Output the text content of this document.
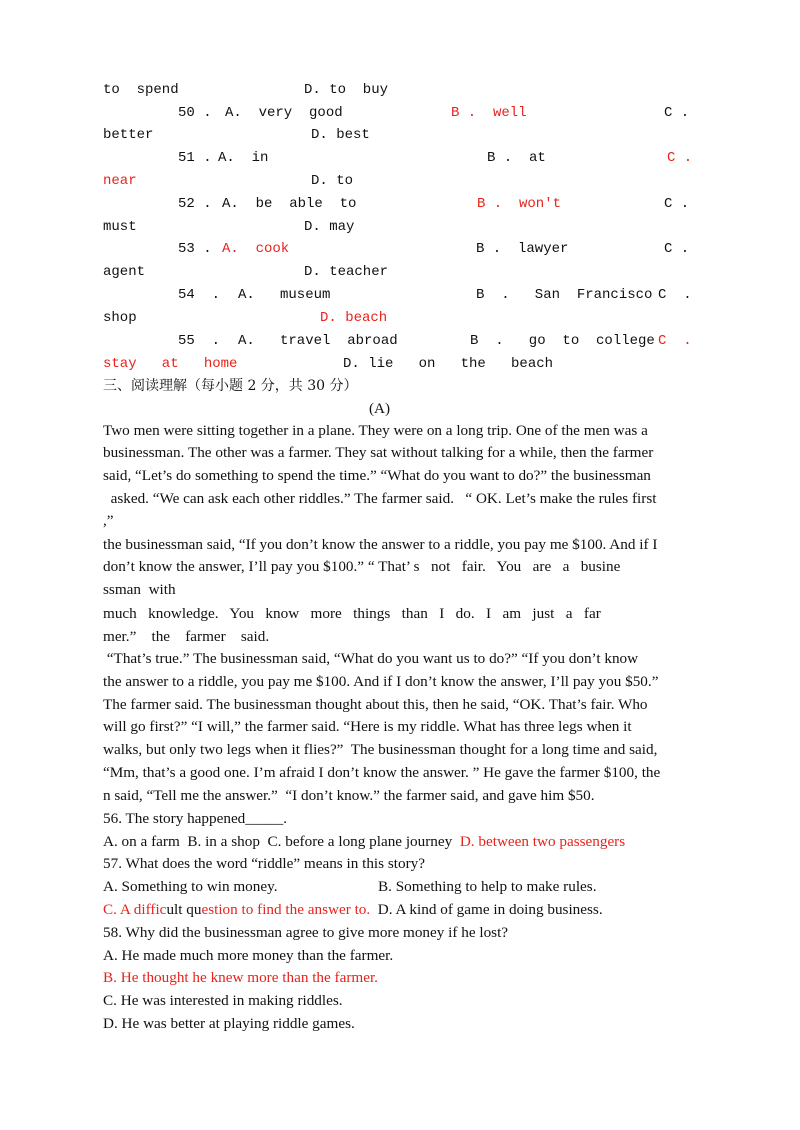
to  spend	D. to  buy
50 . A.  very  good	B .  well	C .
better	D. best
51 . A.  in	B .  at	C .
near	D. to
52 . A.  be  able  to	B .  won't	C .
must	D. may
53 . A.  cook	B .  lawyer	C .
agent	D. teacher
54  . A.   museum	B  .   San  Francisco C  .
shop	D. beach
55  . A.   travel  abroad	B  .   go  to  college C  .
stay   at   home	D. lie   on   the   beach
三、阅读理解（每小题 2 分，共 30 分）
(A)
Two men were sitting together in a plane. They were on a long trip. One of the men was a
businessman. The other was a farmer. They sat without talking for a while, then the farmer
said, “Let’s do something to spend the time.” “What do you want to do?” the businessman
asked. “We can ask each other riddles.” The farmer said.   “ OK. Let’s make the rules first
,”
the businessman said, “If you don’t know the answer to a riddle, you pay me $100. And if I
don’t know the answer, I’ll pay you $100.” “ That’ s   not   fair.   You   are   a   busine
ssman  with
much   knowledge.   You   know   more   things   than   I   do.   I   am   just   a   far
mer.”    the    farmer    said.
“That’s true.” The businessman said, “What do you want us to do?” “If you don’t know
the answer to a riddle, you pay me $100. And if I don’t know the answer, I’ll pay you $50.”
The farmer said. The businessman thought about this, then he said, “OK. That’s fair. Who
will go first?” “I will,” the farmer said. “Here is my riddle. What has three legs when it
walks, but only two legs when it flies?”  The businessman thought for a long time and said,
“Mm, that’s a good one. I’m afraid I don’t know the answer. ” He gave the farmer $100, the
n said, “Tell me the answer.”  “I don’t know.” the farmer said, and gave him $50.
56. The story happened_____.
A. on a farm  B. in a shop  C. before a long plane journey  D. between two passengers
57. What does the word “riddle” means in this story?
A. Something to win money.	B. Something to help to make rules.
C. A difficult question to find the answer to.  D. A kind of game in doing business.
58. Why did the businessman agree to give more money if he lost?
A. He made much more money than the farmer.
B. He thought he knew more than the farmer.
C. He was interested in making riddles.
D. He was better at playing riddle games.
